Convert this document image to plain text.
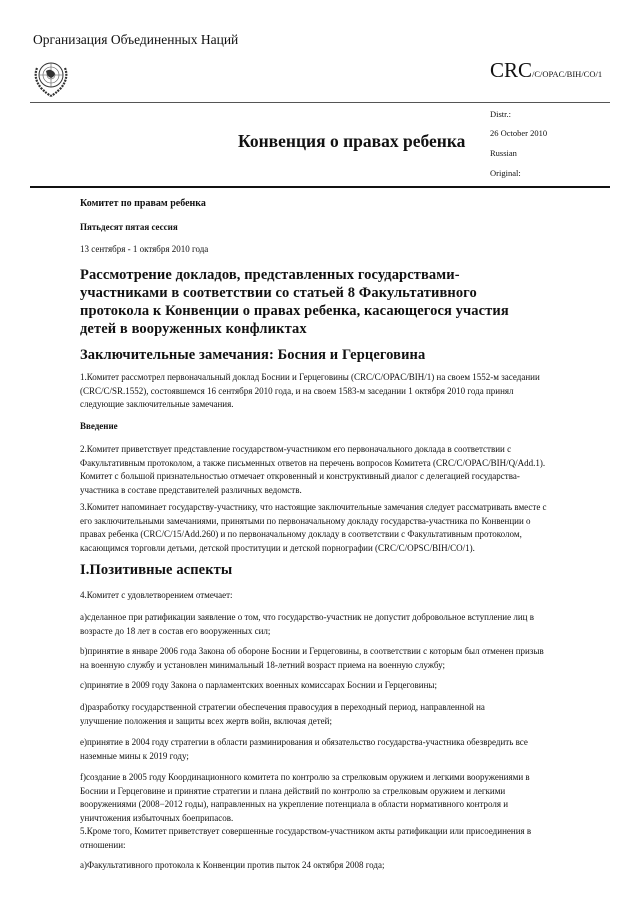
Организация Объединенных Наций
CRC/C/OPAC/BIH/CO/1
Distr.:
26 October 2010
Russian
Original:
Конвенция о правах ребенка
Комитет по правам ребенка
Пятьдесят пятая сессия
13 сентября - 1 октября 2010 года
Рассмотрение докладов, представленных государствами-участниками в соответствии со статьей 8 Факультативного протокола к Конвенции о правах ребенка, касающегося участия детей в вооруженных конфликтах
Заключительные замечания: Босния и Герцеговина

1.Комитет рассмотрел первоначальный доклад Боснии и Герцеговины (CRC/C/OPAC/BIH/1) на своем 1552-м заседании (CRC/C/SR.1552), состоявшемся 16 сентября 2010 года, и на своем 1583-м заседании 1 октября 2010 года принял следующие заключительные замечания.

Введение

2.Комитет приветствует представление государством-участником его первоначального доклада в соответствии с Факультативным протоколом, а также письменных ответов на перечень вопросов Комитета (CRC/C/OPAC/BIH/Q/Add.1). Комитет с большой признательностью отмечает откровенный и конструктивный диалог с делегацией государства-участника в составе представителей различных ведомств.

3.Комитет напоминает государству-участнику, что настоящие заключительные замечания следует рассматривать вместе с его заключительными замечаниями, принятыми по первоначальному докладу государства-участника по Конвенции о правах ребенка (CRC/C/15/Add.260) и по первоначальному докладу в соответствии с Факультативным протоколом, касающимся торговли детьми, детской проституции и детской порнографии (CRC/C/OPSC/BIH/CO/1).

I.Позитивные аспекты

4.Комитет с удовлетворением отмечает:

a)сделанное при ратификации заявление о том, что государство-участник не допустит добровольное вступление лиц в возрасте до 18 лет в состав его вооруженных сил;

b)принятие в январе 2006 года Закона об обороне Боснии и Герцеговины, в соответствии с которым был отменен призыв на военную службу и установлен минимальный 18-летний возраст приема на военную службу;

c)принятие в 2009 году Закона о парламентских военных комиссарах Боснии и Герцеговины;

d)разработку государственной стратегии обеспечения правосудия в переходный период, направленной на улучшение положения и защиты всех жертв войн, включая детей;

e)принятие в 2004 году стратегии в области разминирования и обязательство государства-участника обезвредить все наземные мины к 2019 году;

f)создание в 2005 году Координационного комитета по контролю за стрелковым оружием и легкими вооружениями в Боснии и Герцеговине и принятие стратегии и плана действий по контролю за стрелковым оружием и легкими вооружениями (2008−2012 годы), направленных на укрепление потенциала в области нормативного контроля и уничтожения избыточных боеприпасов.

5.Кроме того, Комитет приветствует совершенные государством-участником акты ратификации или присоединения в отношении:

a)Факультативного протокола к Конвенции против пыток 24 октября 2008 года;
